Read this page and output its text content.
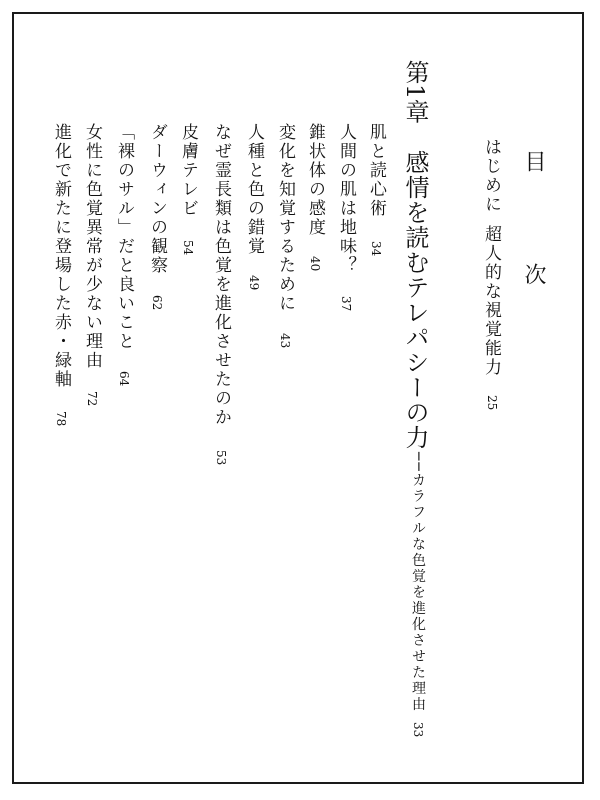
目 次
はじめに
超人的な視覚能力
25
第1章
感情を読むテレパシーの力
──カラフルな色覚を進化させた理由
33
肌と読心術
34
人間の肌は地味？
37
錐状体の感度
40
変化を知覚するために
43
人種と色の錯覚
49
なぜ霊長類は色覚を進化させたのか
53
皮膚テレビ
54
ダーウィンの観察
62
「裸のサル」だと良いこと
64
女性に色覚異常が少ない理由
72
進化で新たに登場した赤・緑軸
78
